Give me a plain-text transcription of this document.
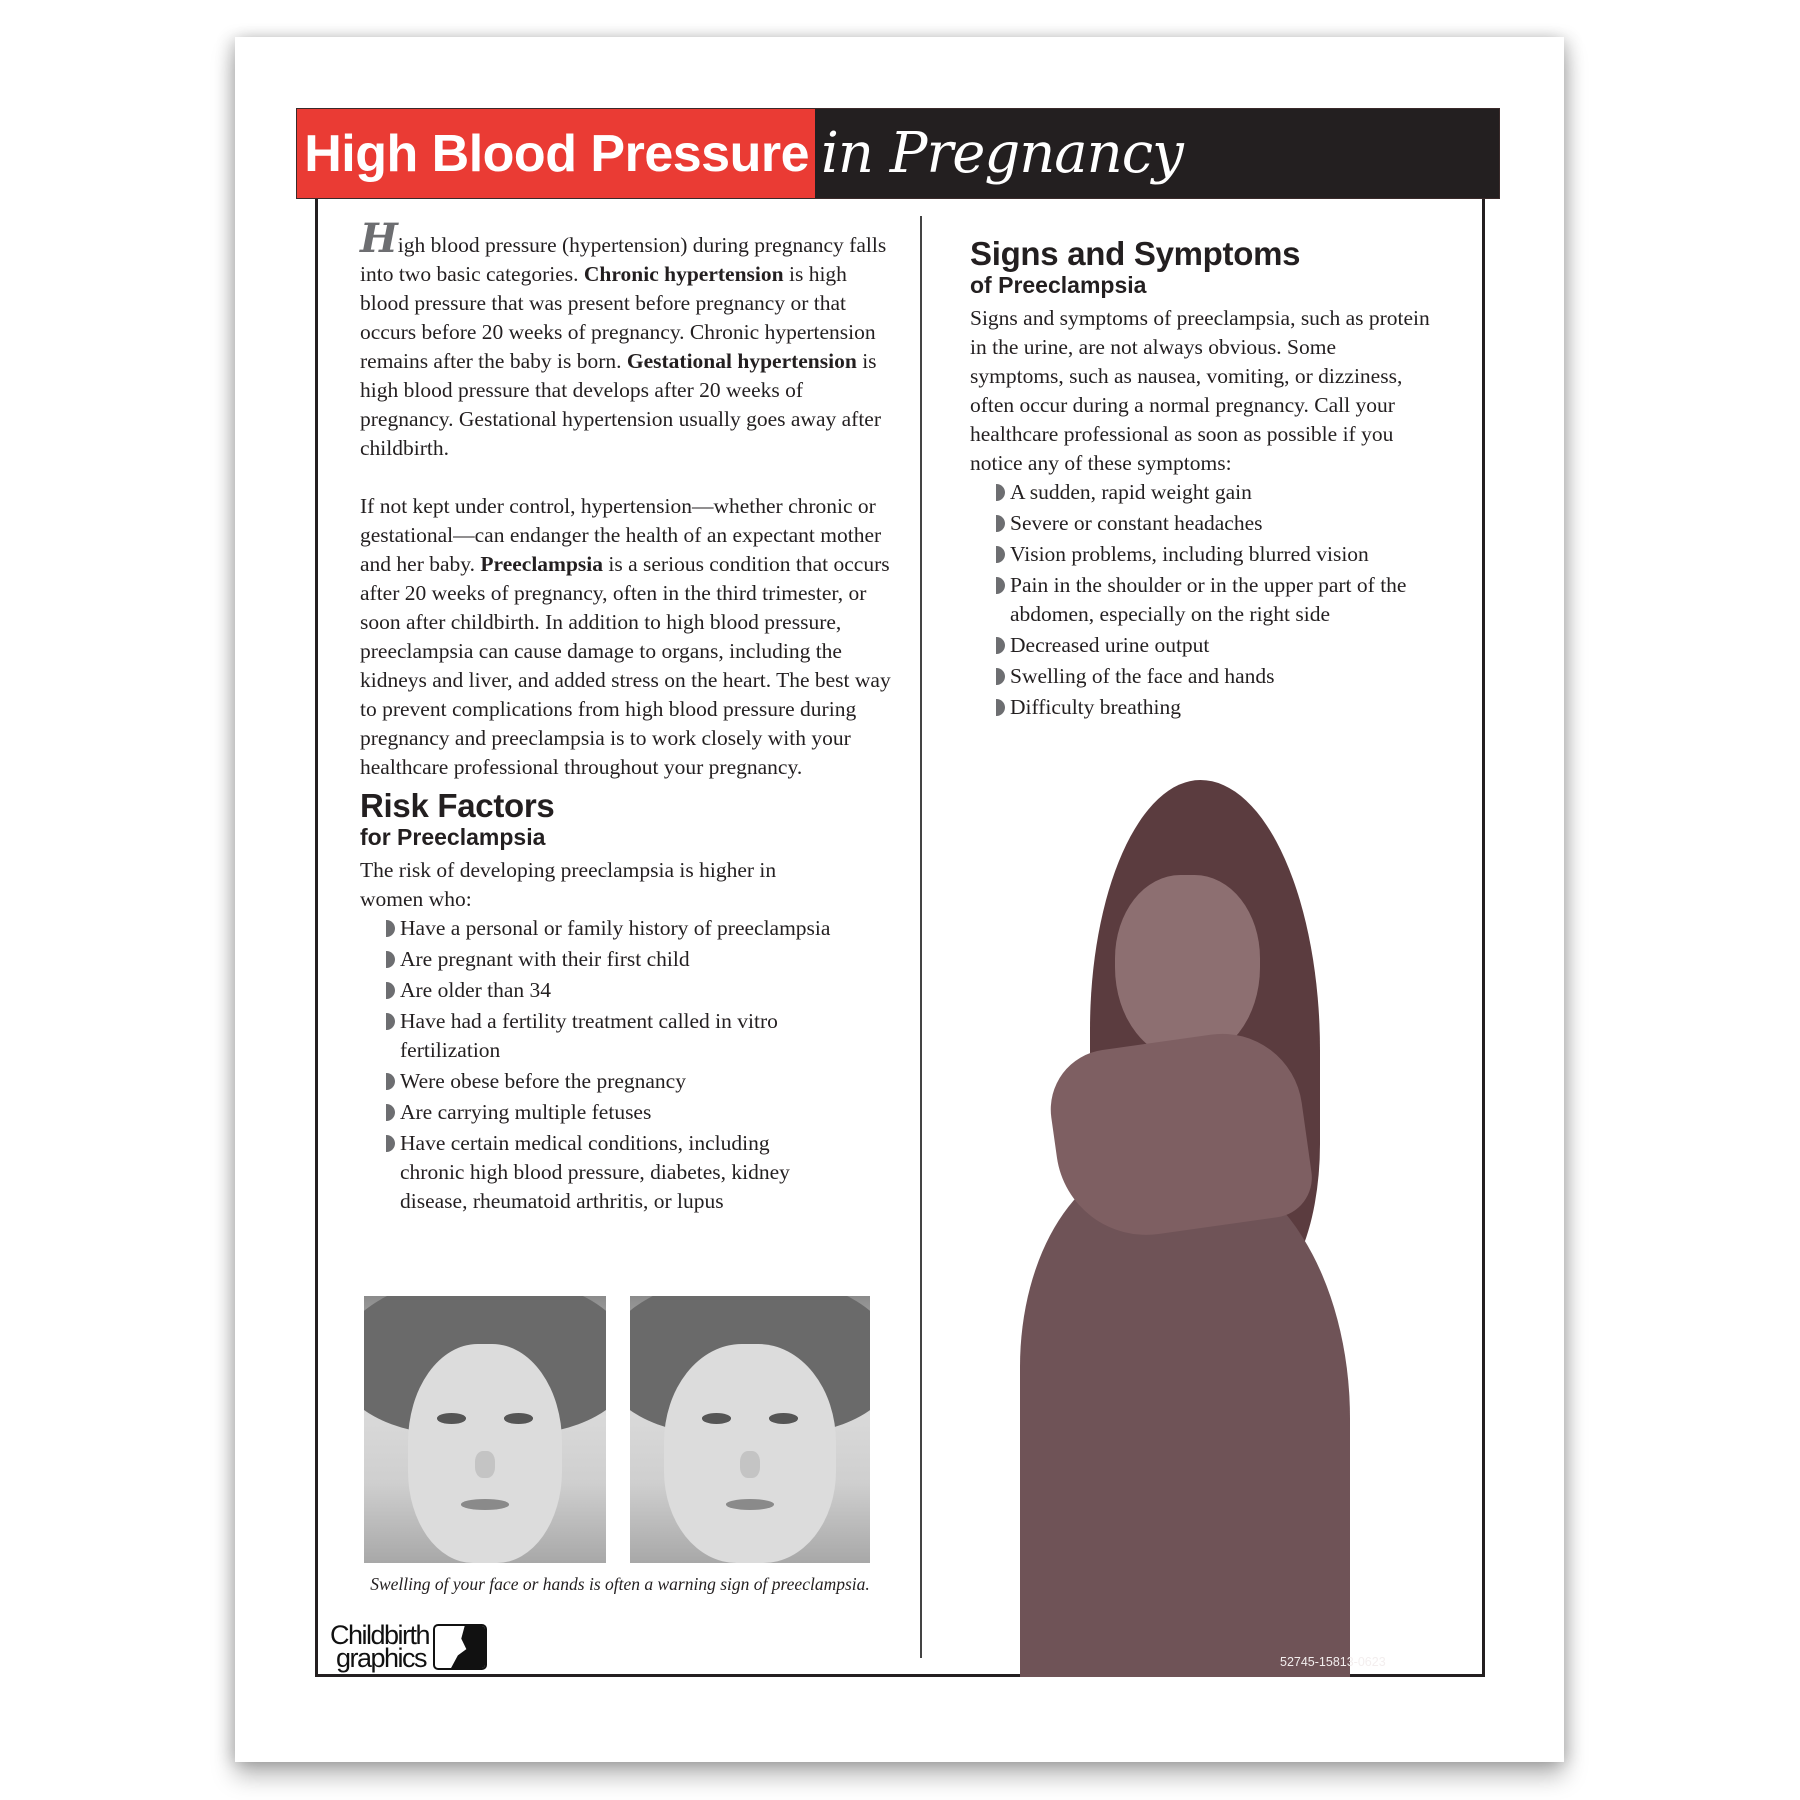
High Blood Pressure in Pregnancy

High blood pressure (hypertension) during pregnancy falls into two basic categories. Chronic hypertension is high blood pressure that was present before pregnancy or that occurs before 20 weeks of pregnancy. Chronic hypertension remains after the baby is born. Gestational hypertension is high blood pressure that develops after 20 weeks of pregnancy. Gestational hypertension usually goes away after childbirth.

If not kept under control, hypertension—whether chronic or gestational—can endanger the health of an expectant mother and her baby. Preeclampsia is a serious condition that occurs after 20 weeks of pregnancy, often in the third trimester, or soon after childbirth. In addition to high blood pressure, preeclampsia can cause damage to organs, including the kidneys and liver, and added stress on the heart. The best way to prevent complications from high blood pressure during pregnancy and preeclampsia is to work closely with your healthcare professional throughout your pregnancy.

Risk Factors
for Preeclampsia

The risk of developing preeclampsia is higher in women who:

Have a personal or family history of preeclampsia
Are pregnant with their first child
Are older than 34
Have had a fertility treatment called in vitro fertilization
Were obese before the pregnancy
Are carrying multiple fetuses
Have certain medical conditions, including chronic high blood pressure, diabetes, kidney disease, rheumatoid arthritis, or lupus
Swelling of your face or hands is often a warning sign of preeclampsia.
Childbirth
graphics
Signs and Symptoms
of Preeclampsia

Signs and symptoms of preeclampsia, such as protein in the urine, are not always obvious. Some symptoms, such as nausea, vomiting, or dizziness, often occur during a normal pregnancy. Call your healthcare professional as soon as possible if you notice any of these symptoms:

A sudden, rapid weight gain
Severe or constant headaches
Vision problems, including blurred vision
Pain in the shoulder or in the upper part of the abdomen, especially on the right side
Decreased urine output
Swelling of the face and hands
Difficulty breathing
52745-15813-0623
